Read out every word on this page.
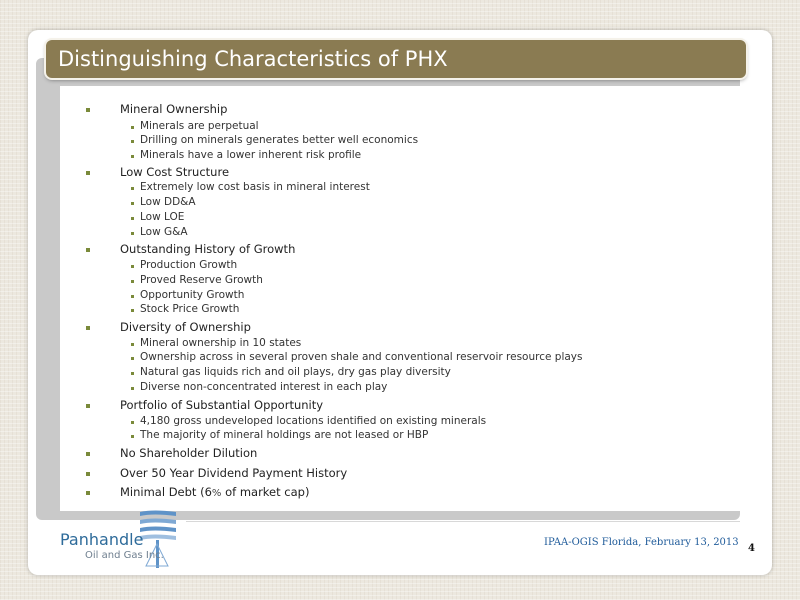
Distinguishing Characteristics of PHX
Mineral Ownership
Minerals are perpetual
Drilling on minerals generates better well economics
Minerals have a lower inherent risk profile
Low Cost Structure
Extremely low cost basis in mineral interest
Low DD&A
Low LOE
Low G&A
Outstanding History of Growth
Production Growth
Proved Reserve Growth
Opportunity Growth
Stock Price Growth
Diversity of Ownership
Mineral ownership in 10 states
Ownership across in several proven shale and conventional reservoir resource plays
Natural gas liquids rich and oil plays, dry gas play diversity
Diverse non-concentrated interest in each play
Portfolio of Substantial Opportunity
4,180 gross undeveloped locations identified on existing minerals
The majority of mineral holdings are not leased or HBP
No Shareholder Dilution
Over 50 Year Dividend Payment History
Minimal Debt (6% of market cap)
Panhandle
Oil and Gas Inc.
IPAA-OGIS Florida, February 13, 2013
4
